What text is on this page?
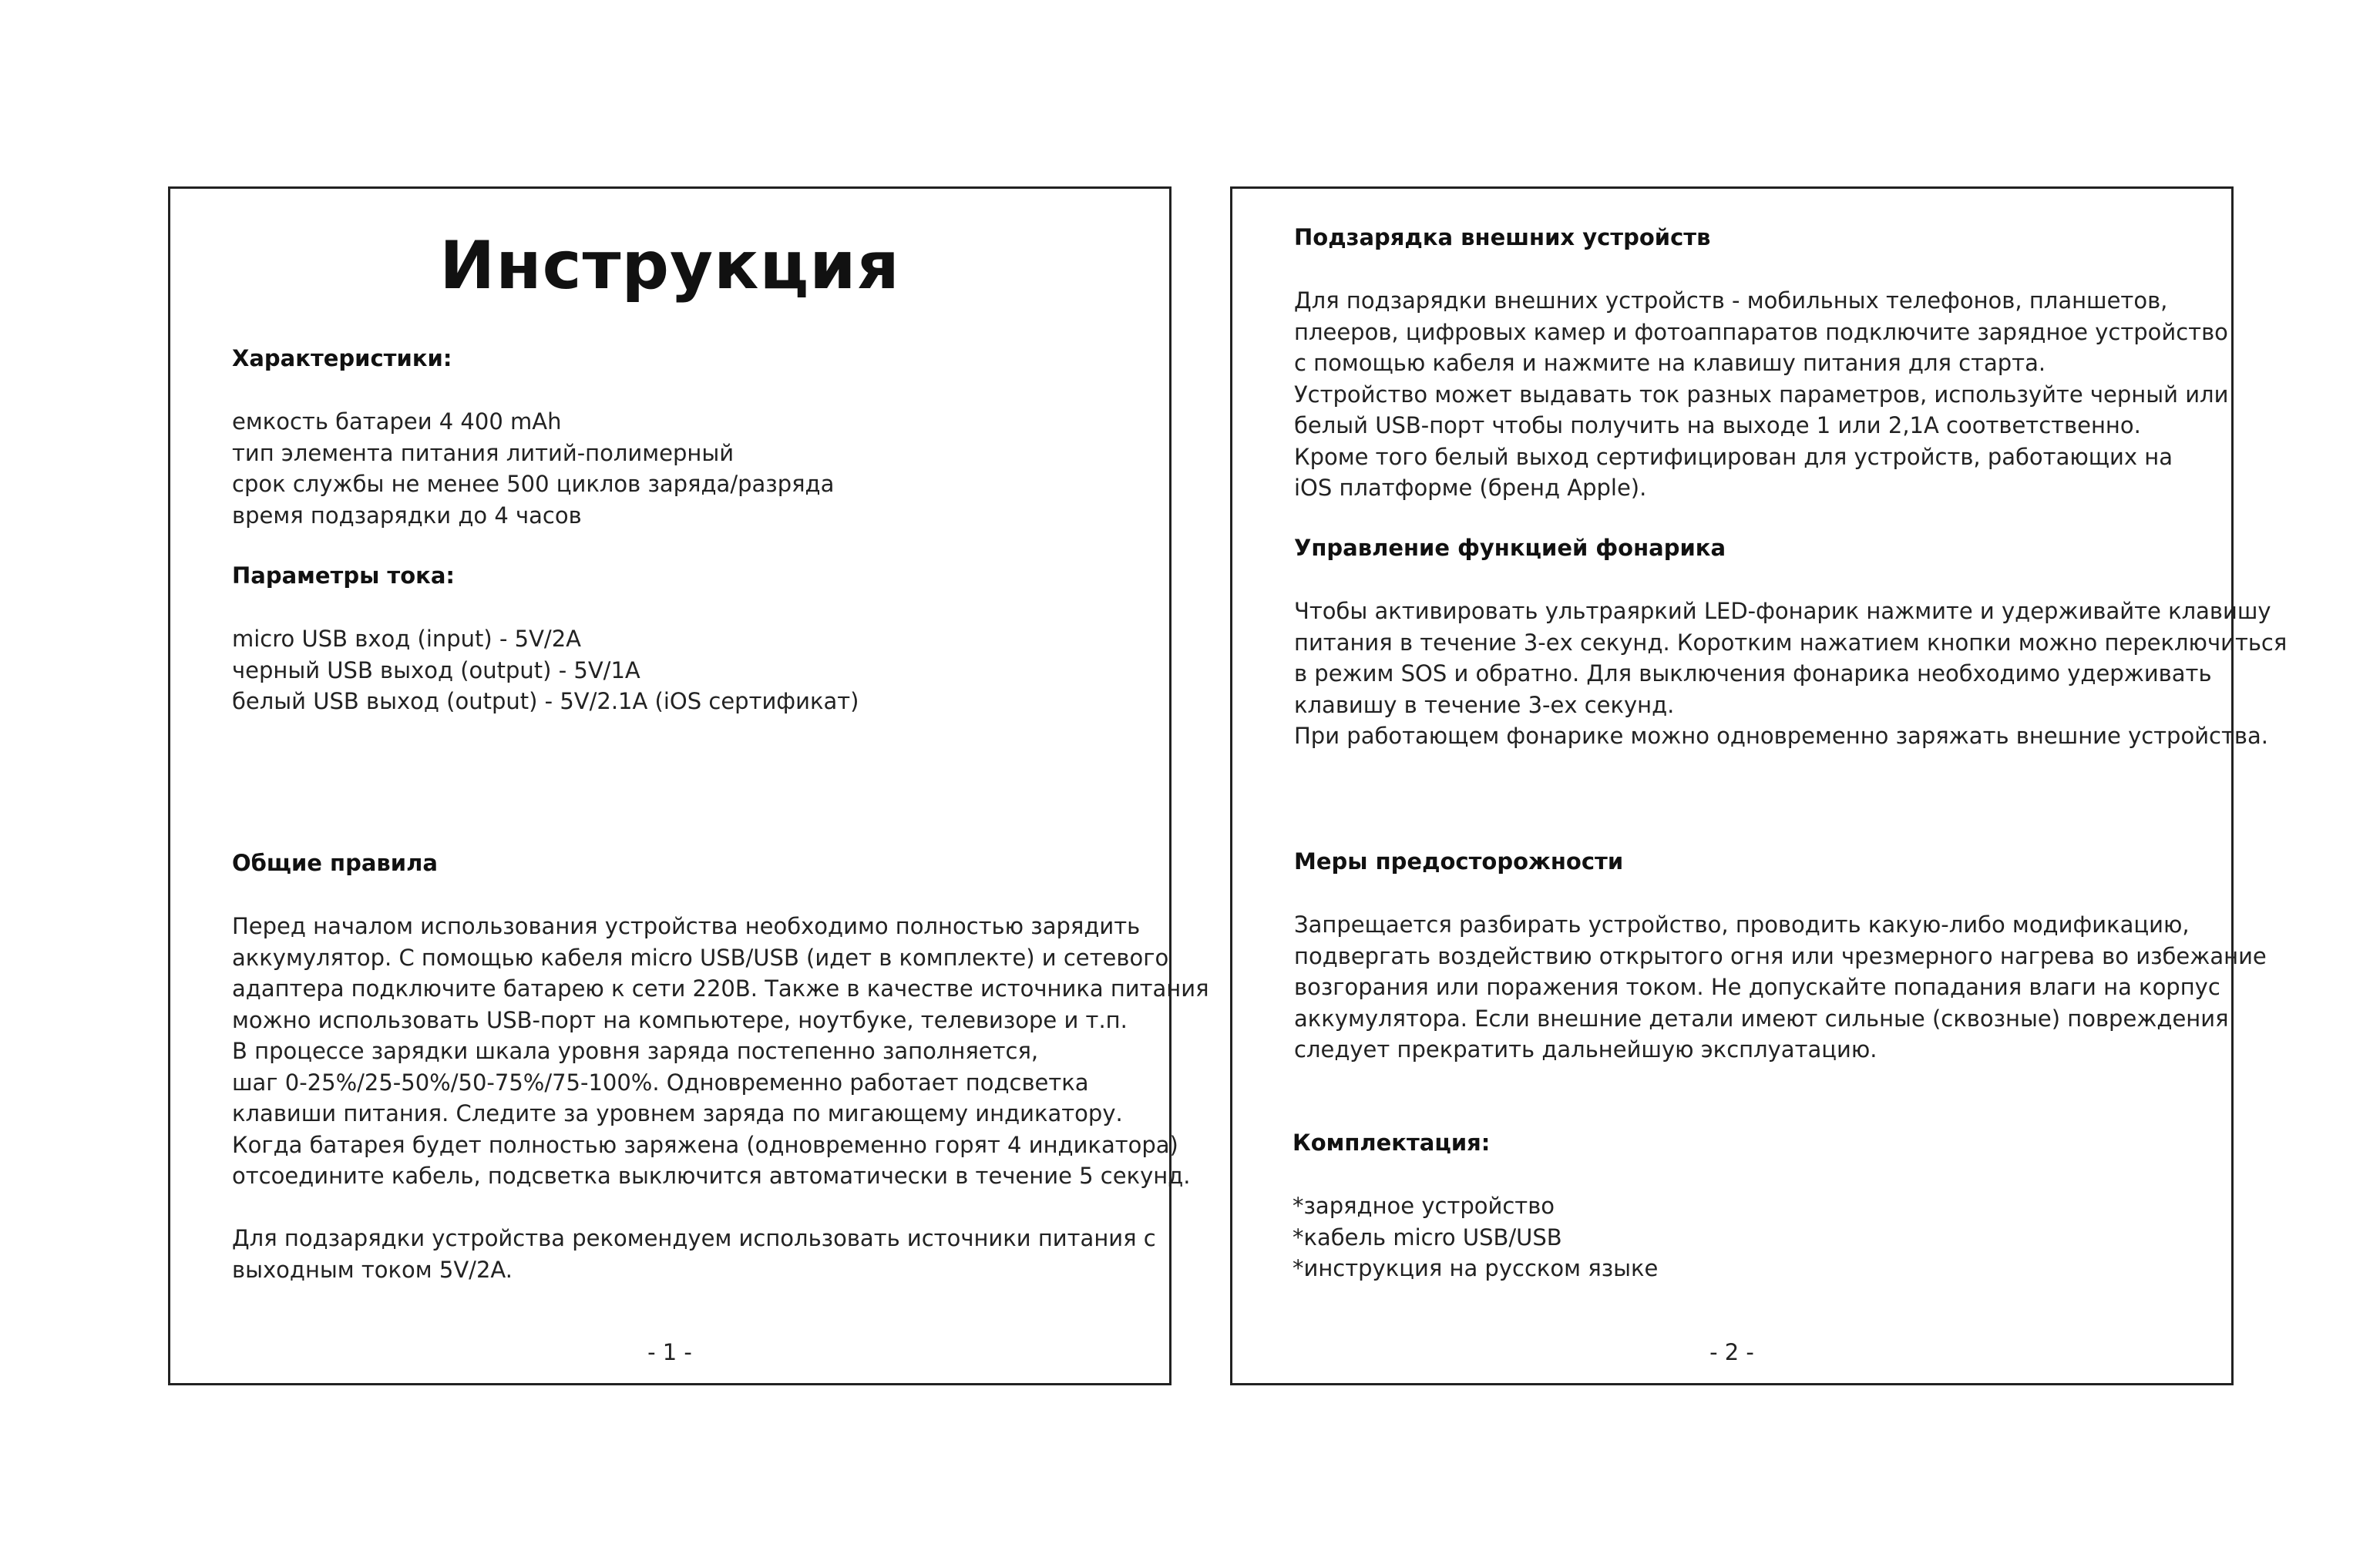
Инструкция
Характеристики:
емкость батареи 4 400 mAh
тип элемента питания литий-полимерный
срок службы не менее 500 циклов заряда/разряда
время подзарядки до 4 часов
Параметры тока:
micro USB вход (input) - 5V/2A
черный USB выход (output) - 5V/1A
белый USB выход (output) - 5V/2.1A (iOS сертификат)
Общие правила
Перед началом использования устройства необходимо полностью зарядить
аккумулятор. С помощью кабеля micro USB/USB (идет в комплекте) и сетевого
адаптера подключите батарею к сети 220В. Также в качестве источника питания
можно использовать USB-порт на компьютере, ноутбуке, телевизоре и т.п.
В процессе зарядки шкала уровня заряда постепенно заполняется,
шаг 0-25%/25-50%/50-75%/75-100%. Одновременно работает подсветка
клавиши питания. Следите за уровнем заряда по мигающему индикатору.
Когда батарея будет полностью заряжена (одновременно горят 4 индикатора)
отсоедините кабель, подсветка выключится автоматически в течение 5 секунд.
Для подзарядки устройства рекомендуем использовать источники питания с
выходным током 5V/2A.
- 1 -
Подзарядка внешних устройств
Для подзарядки внешних устройств - мобильных телефонов, планшетов,
плееров, цифровых камер и фотоаппаратов подключите зарядное устройство
с помощью кабеля и нажмите на клавишу питания для старта.
Устройство может выдавать ток разных параметров, используйте черный или
белый USB-порт чтобы получить на выходе 1 или 2,1A соответственно.
Кроме того белый выход сертифицирован для устройств, работающих на
iOS платформе (бренд Apple).
Управление функцией фонарика
Чтобы активировать ультраяркий LED-фонарик нажмите и удерживайте клавишу
питания в течение 3-ех секунд. Коротким нажатием кнопки можно переключиться
в режим SOS и обратно. Для выключения фонарика необходимо удерживать
клавишу в течение 3-ех секунд.
При работающем фонарике можно одновременно заряжать внешние устройства.
Меры предосторожности
Запрещается разбирать устройство, проводить какую-либо модификацию,
подвергать воздействию открытого огня или чрезмерного нагрева во избежание
возгорания или поражения током. Не допускайте попадания влаги на корпус
аккумулятора. Если внешние детали имеют сильные (сквозные) повреждения
следует прекратить дальнейшую эксплуатацию.
Комплектация:
*зарядное устройство
*кабель micro USB/USB
*инструкция на русском языке
- 2 -
